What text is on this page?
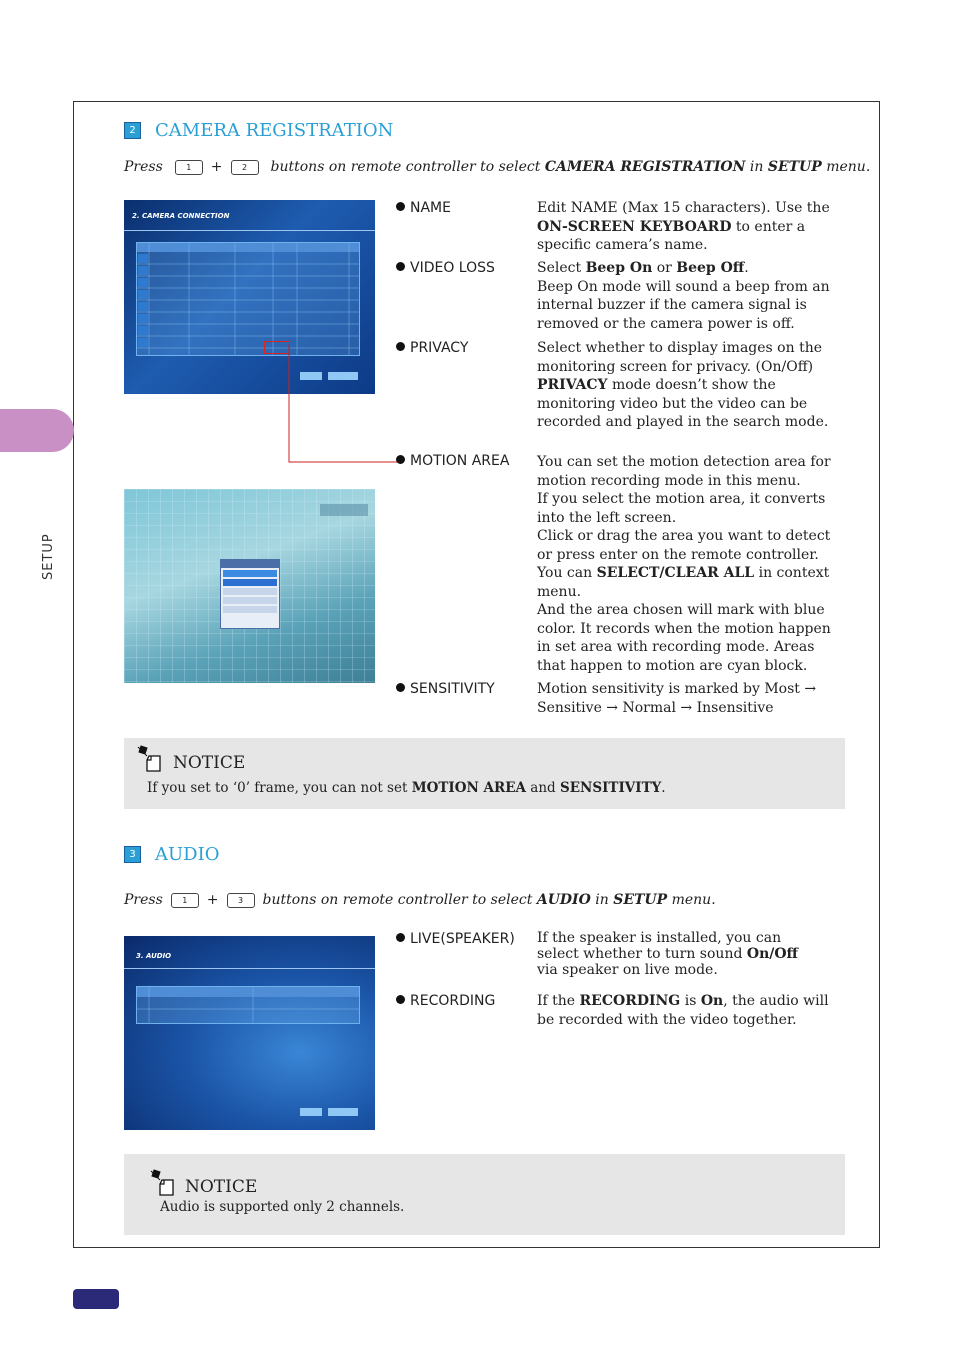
SETUP
2 CAMERA REGISTRATION
Press	1	+	2	buttons on remote controller to select
CAMERA REGISTRATION
in
SETUP
menu.
2. CAMERA CONNECTION	NAME	Edit NAME (Max 15 characters). Use the ON-SCREEN KEYBOARD to enter a specific camera’s name.
VIDEO LOSS	Select Beep On or Beep Off.
Beep On mode will sound a beep from an internal buzzer if the camera signal is removed or the camera power is off.
PRIVACY	Select whether to display images on the monitoring screen for privacy. (On/Off)
PRIVACY mode doesn’t show the monitoring video but the video can be recorded and played in the search mode.
MOTION AREA You can set the motion detection area for motion recording mode in this menu.
If you select the motion area, it converts into the left screen.
Click or drag the area you want to detect or press enter on the remote controller. You can SELECT/CLEAR ALL in context menu.
And the area chosen will mark with blue color. It records when the motion happen in set area with recording mode. Areas that happen to motion are cyan block.
SENSITIVITY	Motion sensitivity is marked by Most → Sensitive → Normal → Insensitive
NOTICE
If you set to ‘0’ frame, you can not set MOTION AREA and SENSITIVITY.
3 AUDIO
Press	1	+	3	buttons on remote controller to select
AUDIO
in
SETUP
menu.
3. AUDIO
LIVE(SPEAKER) If the speaker is installed, you can select whether to turn sound On/Off
via speaker on live mode.
RECORDING	If the RECORDING is On, the audio will be recorded with the video together.
NOTICE
Audio is supported only 2 channels.
